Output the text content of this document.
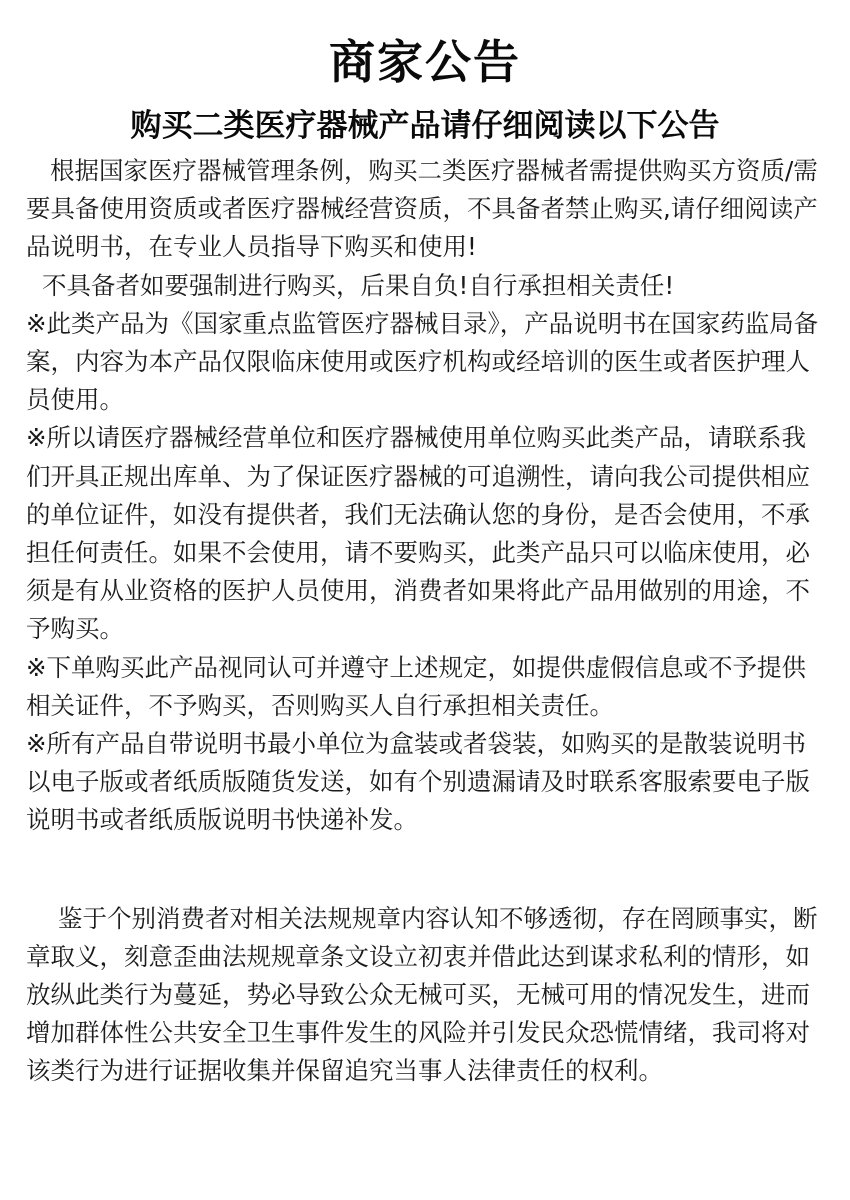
商家公告
购买二类医疗器械产品请仔细阅读以下公告

根据国家医疗器械管理条例，购买二类医疗器械者需提供购买方资质/需要具备使用资质或者医疗器械经营资质，不具备者禁止购买,请仔细阅读产品说明书，在专业人员指导下购买和使用!

不具备者如要强制进行购买，后果自负!自行承担相关责任!

※此类产品为《国家重点监管医疗器械目录》，产品说明书在国家药监局备案，内容为本产品仅限临床使用或医疗机构或经培训的医生或者医护理人员使用。

※所以请医疗器械经营单位和医疗器械使用单位购买此类产品，请联系我们开具正规出库单、为了保证医疗器械的可追溯性，请向我公司提供相应的单位证件，如没有提供者，我们无法确认您的身份，是否会使用，不承担任何责任。如果不会使用，请不要购买，此类产品只可以临床使用，必须是有从业资格的医护人员使用，消费者如果将此产品用做别的用途，不予购买。

※下单购买此产品视同认可并遵守上述规定，如提供虚假信息或不予提供相关证件，不予购买，否则购买人自行承担相关责任。

※所有产品自带说明书最小单位为盒装或者袋装，如购买的是散装说明书以电子版或者纸质版随货发送，如有个别遗漏请及时联系客服索要电子版说明书或者纸质版说明书快递补发。

鉴于个别消费者对相关法规规章内容认知不够透彻，存在罔顾事实，断章取义，刻意歪曲法规规章条文设立初衷并借此达到谋求私利的情形，如放纵此类行为蔓延，势必导致公众无械可买，无械可用的情况发生，进而增加群体性公共安全卫生事件发生的风险并引发民众恐慌情绪，我司将对该类行为进行证据收集并保留追究当事人法律责任的权利。
